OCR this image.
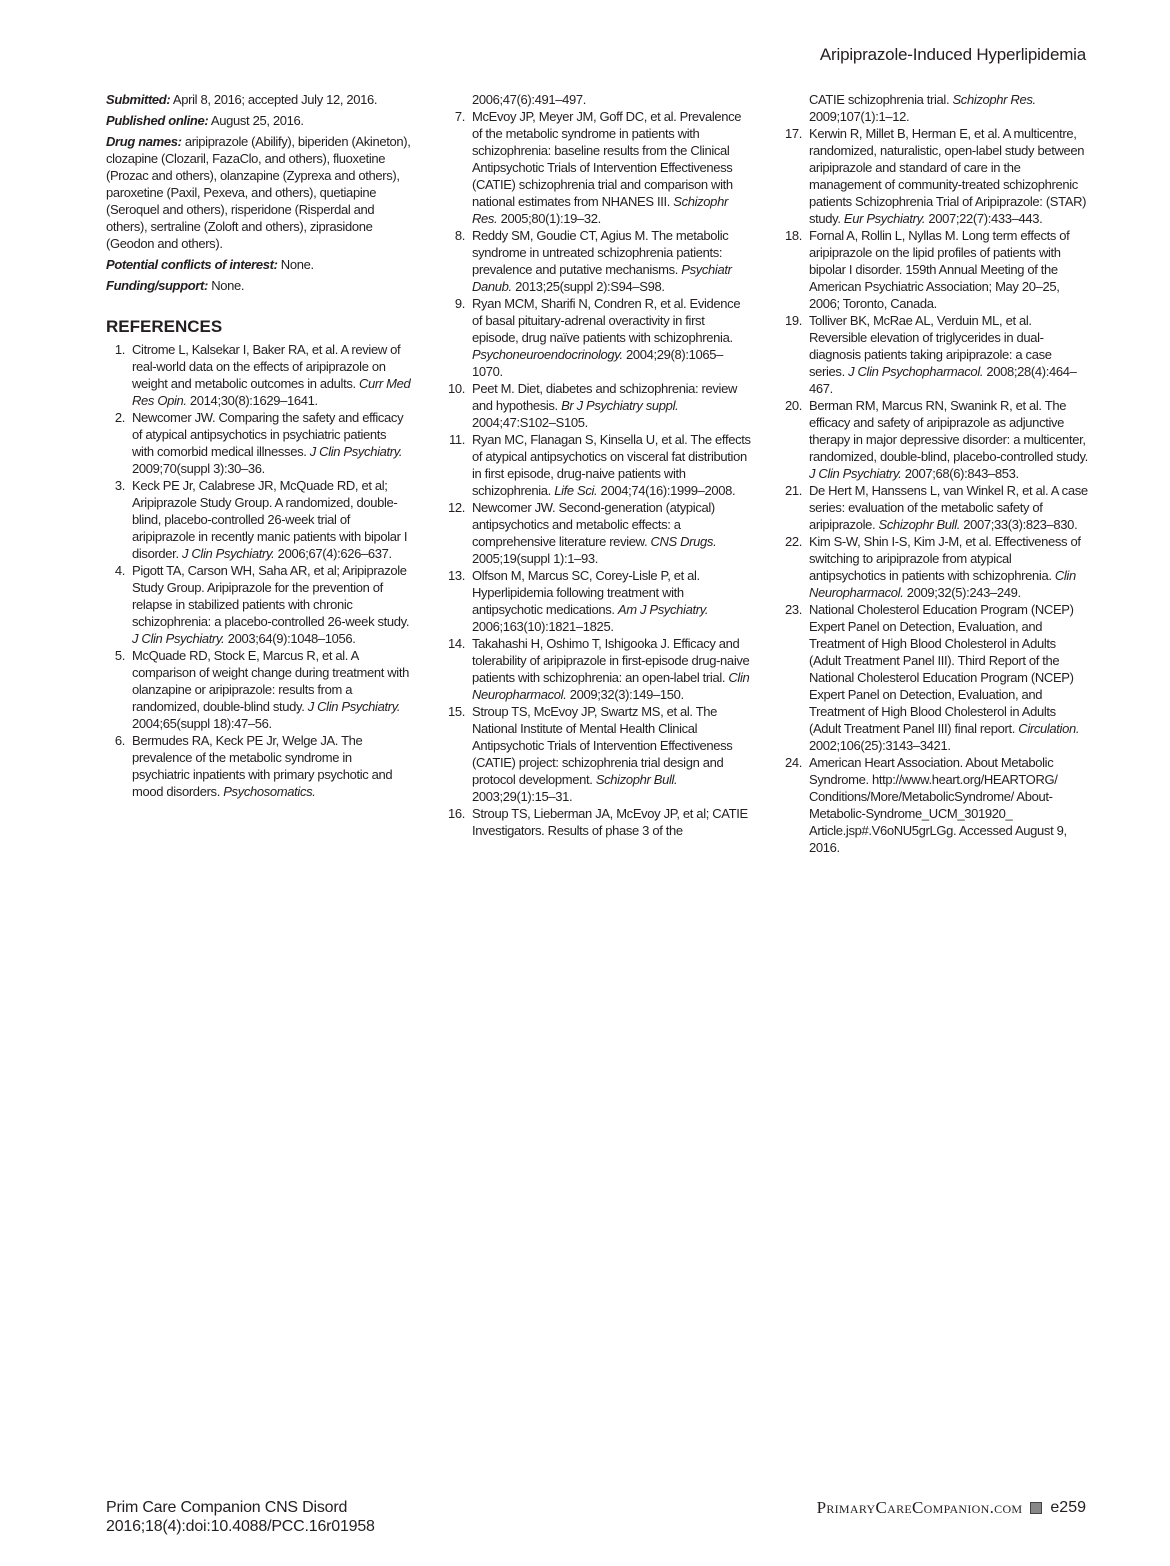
Aripiprazole-Induced Hyperlipidemia

Submitted: April 8, 2016; accepted July 12, 2016.

Published online: August 25, 2016.

Drug names: aripiprazole (Abilify), biperiden (Akineton), clozapine (Clozaril, FazaClo, and others), fluoxetine (Prozac and others), olanzapine (Zyprexa and others), paroxetine (Paxil, Pexeva, and others), quetiapine (Seroquel and others), risperidone (Risperdal and others), sertraline (Zoloft and others), ziprasidone (Geodon and others).

Potential conflicts of interest: None.

Funding/support: None.

REFERENCES
1. Citrome L, Kalsekar I, Baker RA, et al. A review of real-world data on the effects of aripiprazole on weight and metabolic outcomes in adults. Curr Med Res Opin. 2014;30(8):1629–1641.
2. Newcomer JW. Comparing the safety and efficacy of atypical antipsychotics in psychiatric patients with comorbid medical illnesses. J Clin Psychiatry. 2009;70(suppl 3):30–36.
3. Keck PE Jr, Calabrese JR, McQuade RD, et al; Aripiprazole Study Group. A randomized, double-blind, placebo-controlled 26-week trial of aripiprazole in recently manic patients with bipolar I disorder. J Clin Psychiatry. 2006;67(4):626–637.
4. Pigott TA, Carson WH, Saha AR, et al; Aripiprazole Study Group. Aripiprazole for the prevention of relapse in stabilized patients with chronic schizophrenia: a placebo-controlled 26-week study. J Clin Psychiatry. 2003;64(9):1048–1056.
5. McQuade RD, Stock E, Marcus R, et al. A comparison of weight change during treatment with olanzapine or aripiprazole: results from a randomized, double-blind study. J Clin Psychiatry. 2004;65(suppl 18):47–56.
6. Bermudes RA, Keck PE Jr, Welge JA. The prevalence of the metabolic syndrome in psychiatric inpatients with primary psychotic and mood disorders. Psychosomatics.
2006;47(6):491–497.
7. McEvoy JP, Meyer JM, Goff DC, et al. Prevalence of the metabolic syndrome in patients with schizophrenia: baseline results from the Clinical Antipsychotic Trials of Intervention Effectiveness (CATIE) schizophrenia trial and comparison with national estimates from NHANES III. Schizophr Res. 2005;80(1):19–32.
8. Reddy SM, Goudie CT, Agius M. The metabolic syndrome in untreated schizophrenia patients: prevalence and putative mechanisms. Psychiatr Danub. 2013;25(suppl 2):S94–S98.
9. Ryan MCM, Sharifi N, Condren R, et al. Evidence of basal pituitary-adrenal overactivity in first episode, drug naïve patients with schizophrenia. Psychoneuroendocrinology. 2004;29(8):1065–1070.
10. Peet M. Diet, diabetes and schizophrenia: review and hypothesis. Br J Psychiatry suppl. 2004;47:S102–S105.
11. Ryan MC, Flanagan S, Kinsella U, et al. The effects of atypical antipsychotics on visceral fat distribution in first episode, drug-naive patients with schizophrenia. Life Sci. 2004;74(16):1999–2008.
12. Newcomer JW. Second-generation (atypical) antipsychotics and metabolic effects: a comprehensive literature review. CNS Drugs. 2005;19(suppl 1):1–93.
13. Olfson M, Marcus SC, Corey-Lisle P, et al. Hyperlipidemia following treatment with antipsychotic medications. Am J Psychiatry. 2006;163(10):1821–1825.
14. Takahashi H, Oshimo T, Ishigooka J. Efficacy and tolerability of aripiprazole in first-episode drug-naive patients with schizophrenia: an open-label trial. Clin Neuropharmacol. 2009;32(3):149–150.
15. Stroup TS, McEvoy JP, Swartz MS, et al. The National Institute of Mental Health Clinical Antipsychotic Trials of Intervention Effectiveness (CATIE) project: schizophrenia trial design and protocol development. Schizophr Bull. 2003;29(1):15–31.
16. Stroup TS, Lieberman JA, McEvoy JP, et al; CATIE Investigators. Results of phase 3 of the
CATIE schizophrenia trial. Schizophr Res. 2009;107(1):1–12.
17. Kerwin R, Millet B, Herman E, et al. A multicentre, randomized, naturalistic, open-label study between aripiprazole and standard of care in the management of community-treated schizophrenic patients Schizophrenia Trial of Aripiprazole: (STAR) study. Eur Psychiatry. 2007;22(7):433–443.
18. Fornal A, Rollin L, Nyllas M. Long term effects of aripiprazole on the lipid profiles of patients with bipolar I disorder. 159th Annual Meeting of the American Psychiatric Association; May 20–25, 2006; Toronto, Canada.
19. Tolliver BK, McRae AL, Verduin ML, et al. Reversible elevation of triglycerides in dual-diagnosis patients taking aripiprazole: a case series. J Clin Psychopharmacol. 2008;28(4):464–467.
20. Berman RM, Marcus RN, Swanink R, et al. The efficacy and safety of aripiprazole as adjunctive therapy in major depressive disorder: a multicenter, randomized, double-blind, placebo-controlled study. J Clin Psychiatry. 2007;68(6):843–853.
21. De Hert M, Hanssens L, van Winkel R, et al. A case series: evaluation of the metabolic safety of aripiprazole. Schizophr Bull. 2007;33(3):823–830.
22. Kim S-W, Shin I-S, Kim J-M, et al. Effectiveness of switching to aripiprazole from atypical antipsychotics in patients with schizophrenia. Clin Neuropharmacol. 2009;32(5):243–249.
23. National Cholesterol Education Program (NCEP) Expert Panel on Detection, Evaluation, and Treatment of High Blood Cholesterol in Adults (Adult Treatment Panel III). Third Report of the National Cholesterol Education Program (NCEP) Expert Panel on Detection, Evaluation, and Treatment of High Blood Cholesterol in Adults (Adult Treatment Panel III) final report. Circulation. 2002;106(25):3143–3421.
24. American Heart Association. About Metabolic Syndrome. http://www.heart.org/HEARTORG/ Conditions/More/MetabolicSyndrome/ About-Metabolic-Syndrome_UCM_301920_ Article.jsp#.V6oNU5grLGg. Accessed August 9, 2016.
Prim Care Companion CNS Disord
2016;18(4):doi:10.4088/PCC.16r01958
PrimaryCareCompanion.com e259
